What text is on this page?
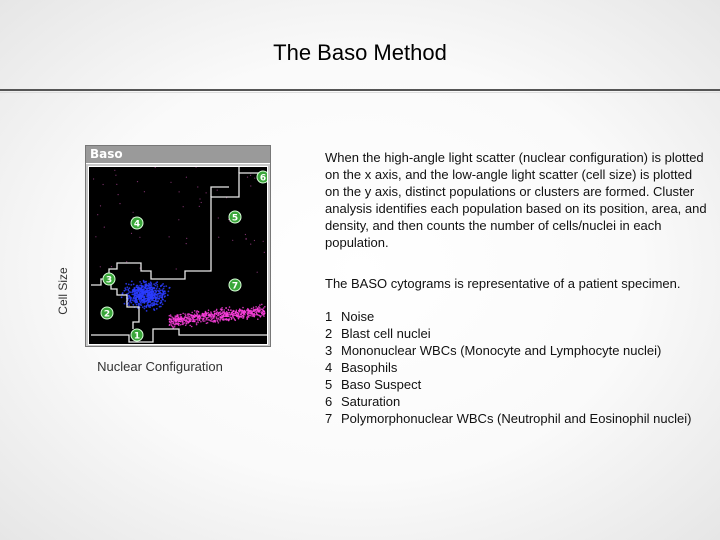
The Baso Method
Cell Size
Baso
1
2
3
4
5
6
7
Nuclear Configuration
When the high-angle light scatter (nuclear configuration) is plotted on the x axis, and the low-angle light scatter (cell size) is plotted on the y axis, distinct populations or clusters are formed. Cluster analysis identifies each population based on its position, area, and density, and then counts the number of cells/nuclei in each population.
The BASO cytograms is representative of a patient specimen.
1 Noise
2 Blast cell nuclei
3 Mononuclear WBCs (Monocyte and Lymphocyte nuclei)
4 Basophils
5 Baso Suspect
6 Saturation
7 Polymorphonuclear WBCs (Neutrophil and Eosinophil nuclei)
